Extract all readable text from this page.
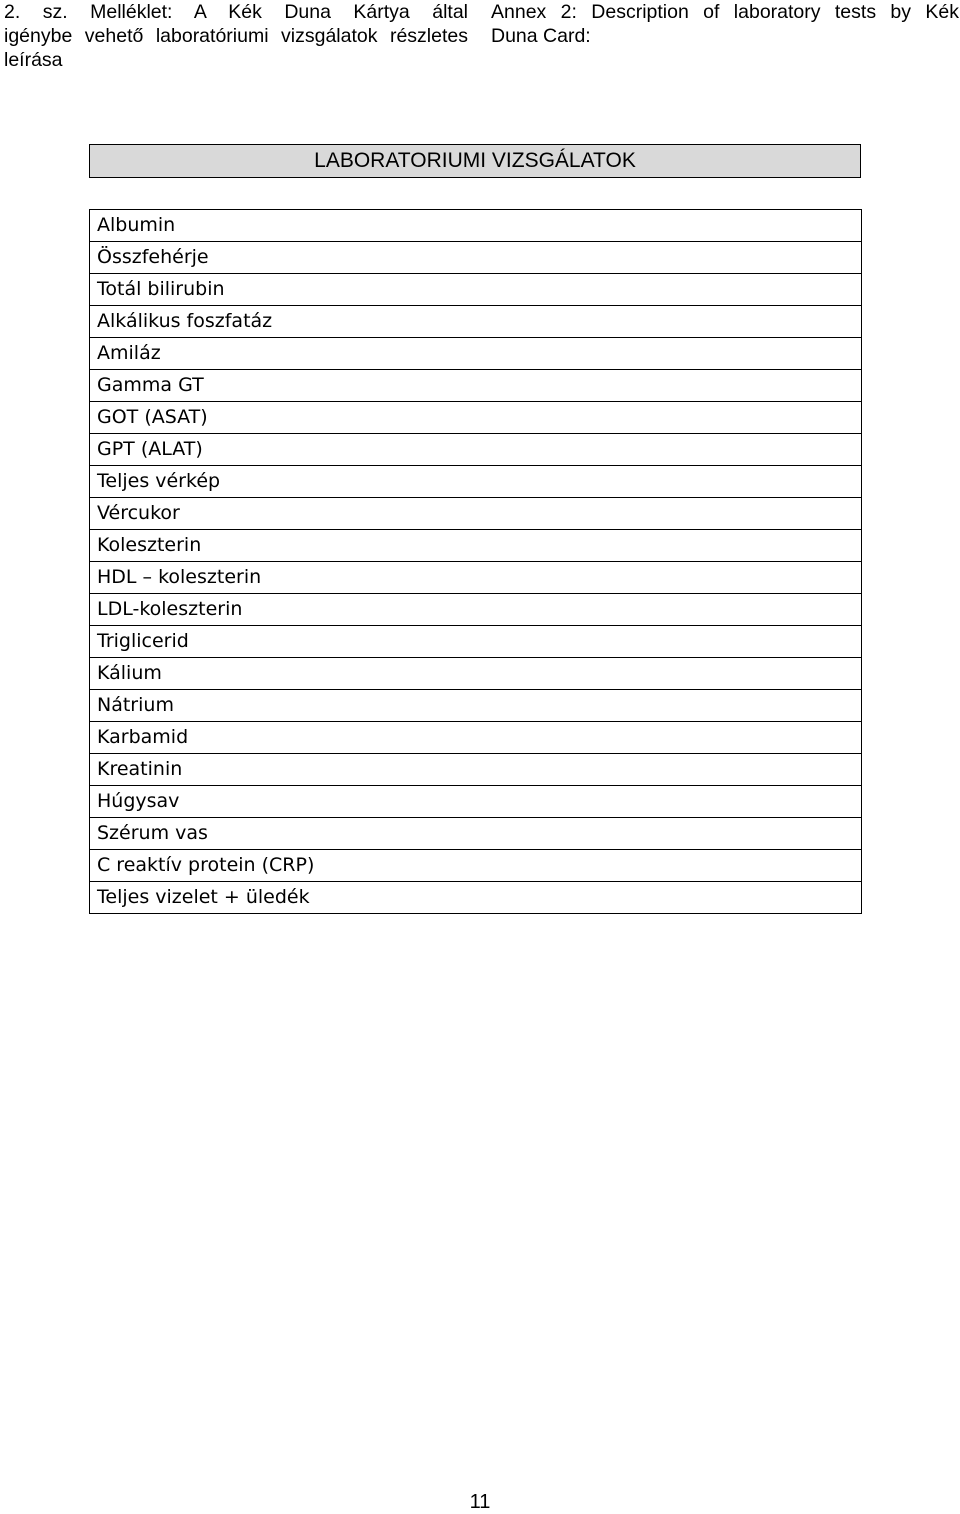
2. sz. Melléklet: A Kék Duna Kártya által
igénybe vehető laboratóriumi vizsgálatok részletes leírása
Annex 2: Description of laboratory tests by Kék
Duna Card:
LABORATORIUMI VIZSGÁLATOK
Albumin
Összfehérje
Totál bilirubin
Alkálikus foszfatáz
Amiláz
Gamma GT
GOT (ASAT)
GPT (ALAT)
Teljes vérkép
Vércukor
Koleszterin
HDL – koleszterin
LDL-koleszterin
Triglicerid
Kálium
Nátrium
Karbamid
Kreatinin
Húgysav
Szérum vas
C reaktív protein (CRP)
Teljes vizelet + üledék
11
